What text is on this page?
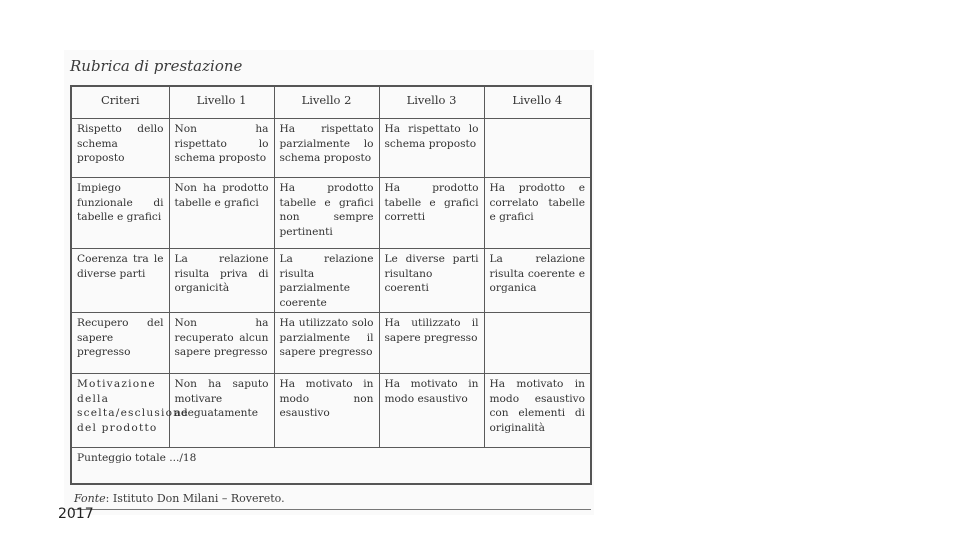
Rubrica di prestazione
Criteri	Livello 1	Livello 2	Livello 3	Livello 4
Rispetto dello schema proposto	Non ha rispettato lo schema proposto	Ha rispettato parzialmente lo schema proposto	Ha rispettato lo schema proposto	
Impiego funzionale di tabelle e grafici	Non ha prodotto tabelle e grafici	Ha prodotto tabelle e grafici non sempre pertinenti	Ha prodotto tabelle e grafici corretti	Ha prodotto e correlato tabelle e grafici
Coerenza tra le diverse parti	La relazione risulta priva di organicità	La relazione risulta parzialmente coerente	Le diverse parti risultano coerenti	La relazione risulta coerente e organica
Recupero del sapere pregresso	Non ha recuperato alcun sapere pregresso	Ha utilizzato solo parzialmente il sapere pregresso	Ha utilizzato il sapere pregresso	
Motivazione della scelta/esclusione del prodotto	Non ha saputo motivare adeguatamente	Ha motivato in modo non esaustivo	Ha motivato in modo esaustivo	Ha motivato in modo esaustivo con elementi di originalità
Punteggio totale .../18				
Fonte: Istituto Don Milani – Rovereto.
2017
